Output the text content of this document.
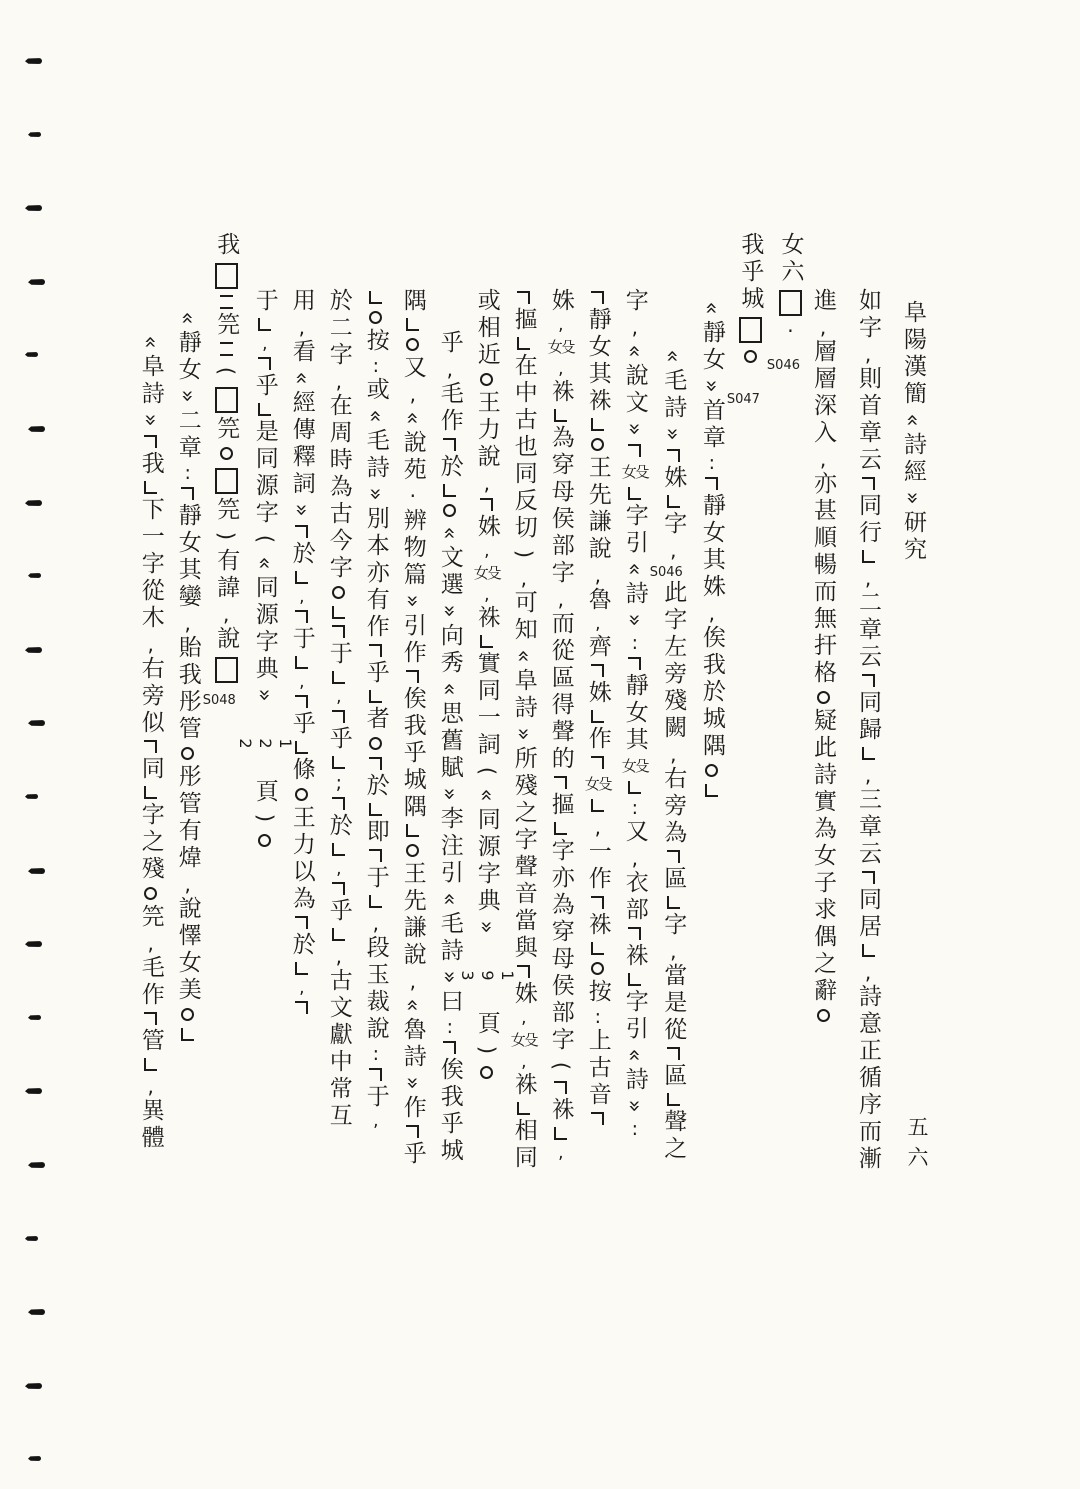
阜陽漢簡«詩經»研究
如字,則首章云同行,二章云同歸,三章云同居,詩意正循序而漸
進,層層深入,亦甚順暢而無扞格疑此詩實為女子求偶之辭
女六·S046
我乎城S047
«靜女»首章:靜女其姝,俟我於城隅
«毛詩»姝字,S046此字左旁殘闕,右旁為區字,當是從區聲之
字,«說文»女殳字引«詩»:靜女其女殳:又,衣部袾字引«詩»:
靜女其袾王先謙說,魯,齊姝作女殳,一作袾按:上古音
姝,女殳,袾為穿母侯部字,而從區得聲的摳字亦為穿母侯部字(袾,
摳在中古也同反切),可知«阜詩»所殘之字聲音當與姝,女殳,袾相同
或相近王力說,姝,女殳,袾實同一詞(«同源字典»193頁)
乎,毛作於«文選»向秀«思舊賦»李注引«毛詩»曰:俟我乎城
隅又,«說苑·辨物篇»引作俟我乎城隅王先謙說,«魯詩»作乎
按:或«毛詩»別本亦有作乎者於即于,段玉裁說:于,
於二字,在周時為古今字于,乎;於,乎,古文獻中常互
用,看«經傳釋詞»於,于,乎條王力以為於,
于,乎是同源字(«同源字典»122頁)
我笎(笎笎)有諱,說S048
«靜女»二章:靜女其孌,貽我彤管彤管有煒,說懌女美
«阜詩»我下一字從木,右旁似同字之殘笎,毛作管,異體	五六
